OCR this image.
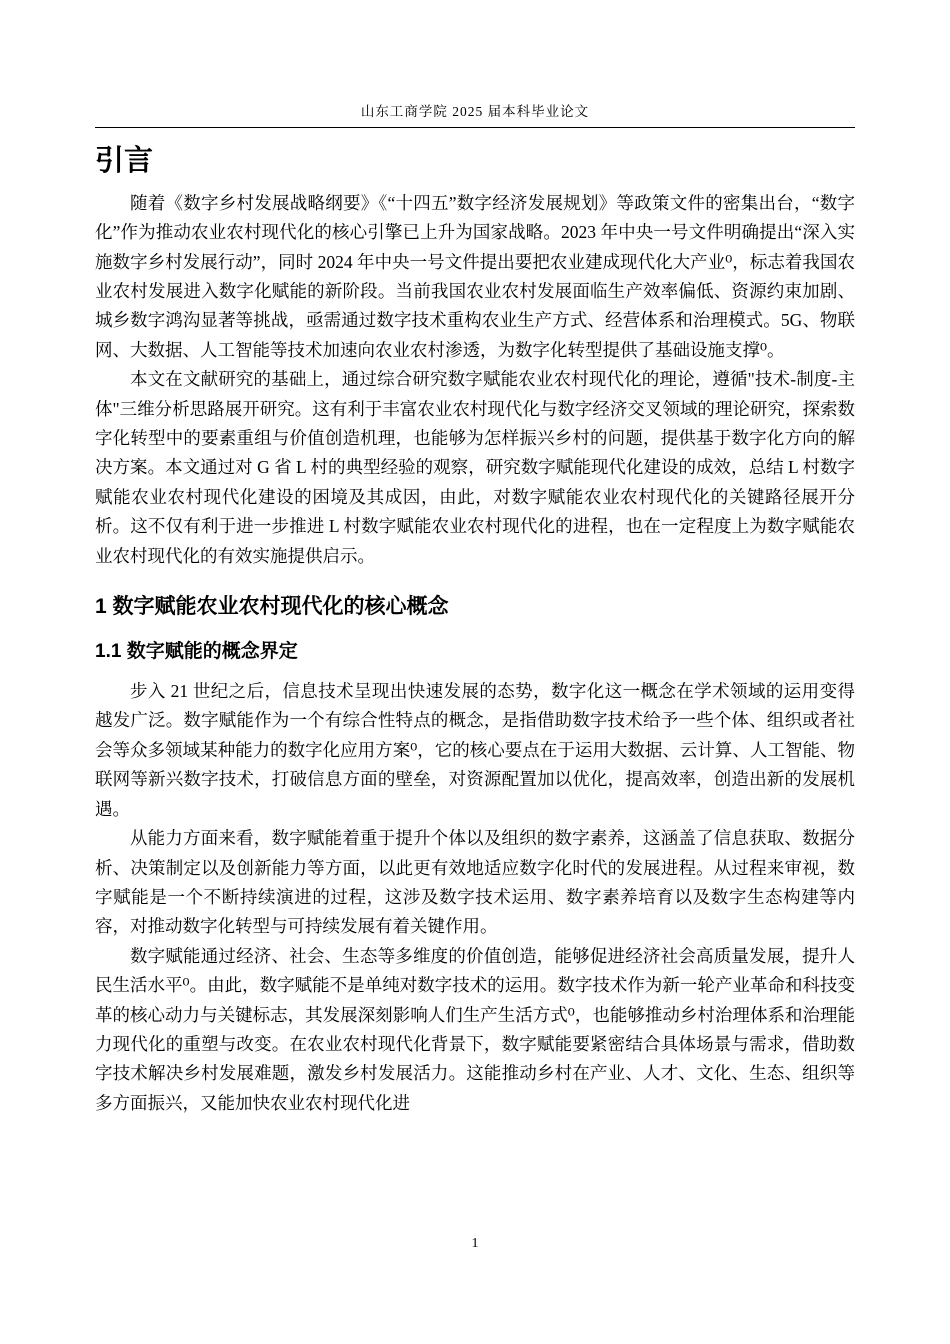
山东工商学院 2025 届本科毕业论文
引言

随着《数字乡村发展战略纲要》《“十四五”数字经济发展规划》等政策文件的密集出台，“数字化”作为推动农业农村现代化的核心引擎已上升为国家战略。2023 年中央一号文件明确提出“深入实施数字乡村发展行动”，同时 2024 年中央一号文件提出要把农业建成现代化大产业⁰，标志着我国农业农村发展进入数字化赋能的新阶段。当前我国农业农村发展面临生产效率偏低、资源约束加剧、城乡数字鸿沟显著等挑战，亟需通过数字技术重构农业生产方式、经营体系和治理模式。5G、物联网、大数据、人工智能等技术加速向农业农村渗透，为数字化转型提供了基础设施支撑⁰。

本文在文献研究的基础上，通过综合研究数字赋能农业农村现代化的理论，遵循"技术-制度-主体"三维分析思路展开研究。这有利于丰富农业农村现代化与数字经济交叉领域的理论研究，探索数字化转型中的要素重组与价值创造机理，也能够为怎样振兴乡村的问题，提供基于数字化方向的解决方案。本文通过对 G 省 L 村的典型经验的观察，研究数字赋能现代化建设的成效，总结 L 村数字赋能农业农村现代化建设的困境及其成因，由此，对数字赋能农业农村现代化的关键路径展开分析。这不仅有利于进一步推进 L 村数字赋能农业农村现代化的进程，也在一定程度上为数字赋能农业农村现代化的有效实施提供启示。

1 数字赋能农业农村现代化的核心概念
1.1 数字赋能的概念界定

步入 21 世纪之后，信息技术呈现出快速发展的态势，数字化这一概念在学术领域的运用变得越发广泛。数字赋能作为一个有综合性特点的概念，是指借助数字技术给予一些个体、组织或者社会等众多领域某种能力的数字化应用方案⁰，它的核心要点在于运用大数据、云计算、人工智能、物联网等新兴数字技术，打破信息方面的壁垒，对资源配置加以优化，提高效率，创造出新的发展机遇。

从能力方面来看，数字赋能着重于提升个体以及组织的数字素养，这涵盖了信息获取、数据分析、决策制定以及创新能力等方面，以此更有效地适应数字化时代的发展进程。从过程来审视，数字赋能是一个不断持续演进的过程，这涉及数字技术运用、数字素养培育以及数字生态构建等内容，对推动数字化转型与可持续发展有着关键作用。

数字赋能通过经济、社会、生态等多维度的价值创造，能够促进经济社会高质量发展，提升人民生活水平⁰。由此，数字赋能不是单纯对数字技术的运用。数字技术作为新一轮产业革命和科技变革的核心动力与关键标志，其发展深刻影响人们生产生活方式⁰，也能够推动乡村治理体系和治理能力现代化的重塑与改变。在农业农村现代化背景下，数字赋能要紧密结合具体场景与需求，借助数字技术解决乡村发展难题，激发乡村发展活力。这能推动乡村在产业、人才、文化、生态、组织等多方面振兴，又能加快农业农村现代化进

1
